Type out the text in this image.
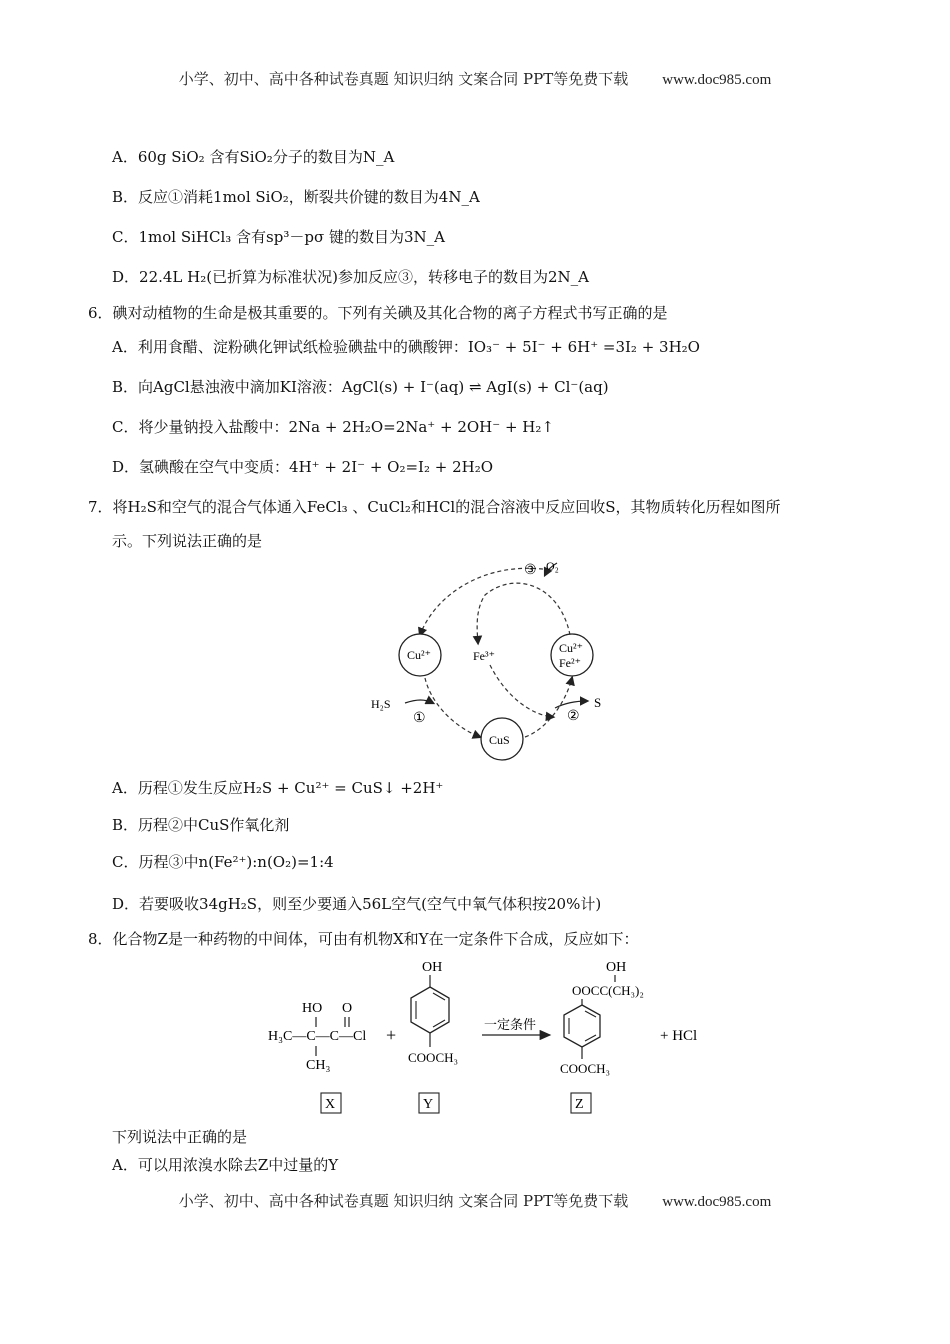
小学、初中、高中各种试卷真题 知识归纳 文案合同 PPT等免费下载 www.doc985.com
A．60g SiO₂ 含有SiO₂分子的数目为N_A
B．反应①消耗1mol SiO₂，断裂共价键的数目为4N_A
C．1mol SiHCl₃ 含有sp³－pσ 键的数目为3N_A
D．22.4L H₂(已折算为标准状况)参加反应③，转移电子的数目为2N_A
6．碘对动植物的生命是极其重要的。下列有关碘及其化合物的离子方程式书写正确的是
A．利用食醋、淀粉碘化钾试纸检验碘盐中的碘酸钾：IO₃⁻ + 5I⁻ + 6H⁺ =3I₂ + 3H₂O
B．向AgCl悬浊液中滴加KI溶液：AgCl(s) + I⁻(aq) ⇌ AgI(s) + Cl⁻(aq)
C．将少量钠投入盐酸中：2Na + 2H₂O=2Na⁺ + 2OH⁻ + H₂↑
D．氢碘酸在空气中变质：4H⁺ + 2I⁻ + O₂=I₂ + 2H₂O
7．将H₂S和空气的混合气体通入FeCl₃ 、CuCl₂和HCl的混合溶液中反应回收S，其物质转化历程如图所
示。下列说法正确的是
③ O₂
Cu²⁺	Fe³⁺
Cu²⁺
Fe²⁺
H₂S
①
CuS
②
S
A．历程①发生反应H₂S + Cu²⁺ = CuS↓ +2H⁺
B．历程②中CuS作氧化剂
C．历程③中n(Fe²⁺):n(O₂)=1:4
D．若要吸收34gH₂S，则至少要通入56L空气(空气中氧气体积按20%计)
8．化合物Z是一种药物的中间体，可由有机物X和Y在一定条件下合成，反应如下：
HO O
H₃C—C—C—Cl
CH₃
+
OH
COOCH₃
一定条件
OH
OOCC(CH₃)₂
COOCH₃
+ HCl
X	Y	Z
下列说法中正确的是
A．可以用浓溴水除去Z中过量的Y
小学、初中、高中各种试卷真题 知识归纳 文案合同 PPT等免费下载 www.doc985.com
